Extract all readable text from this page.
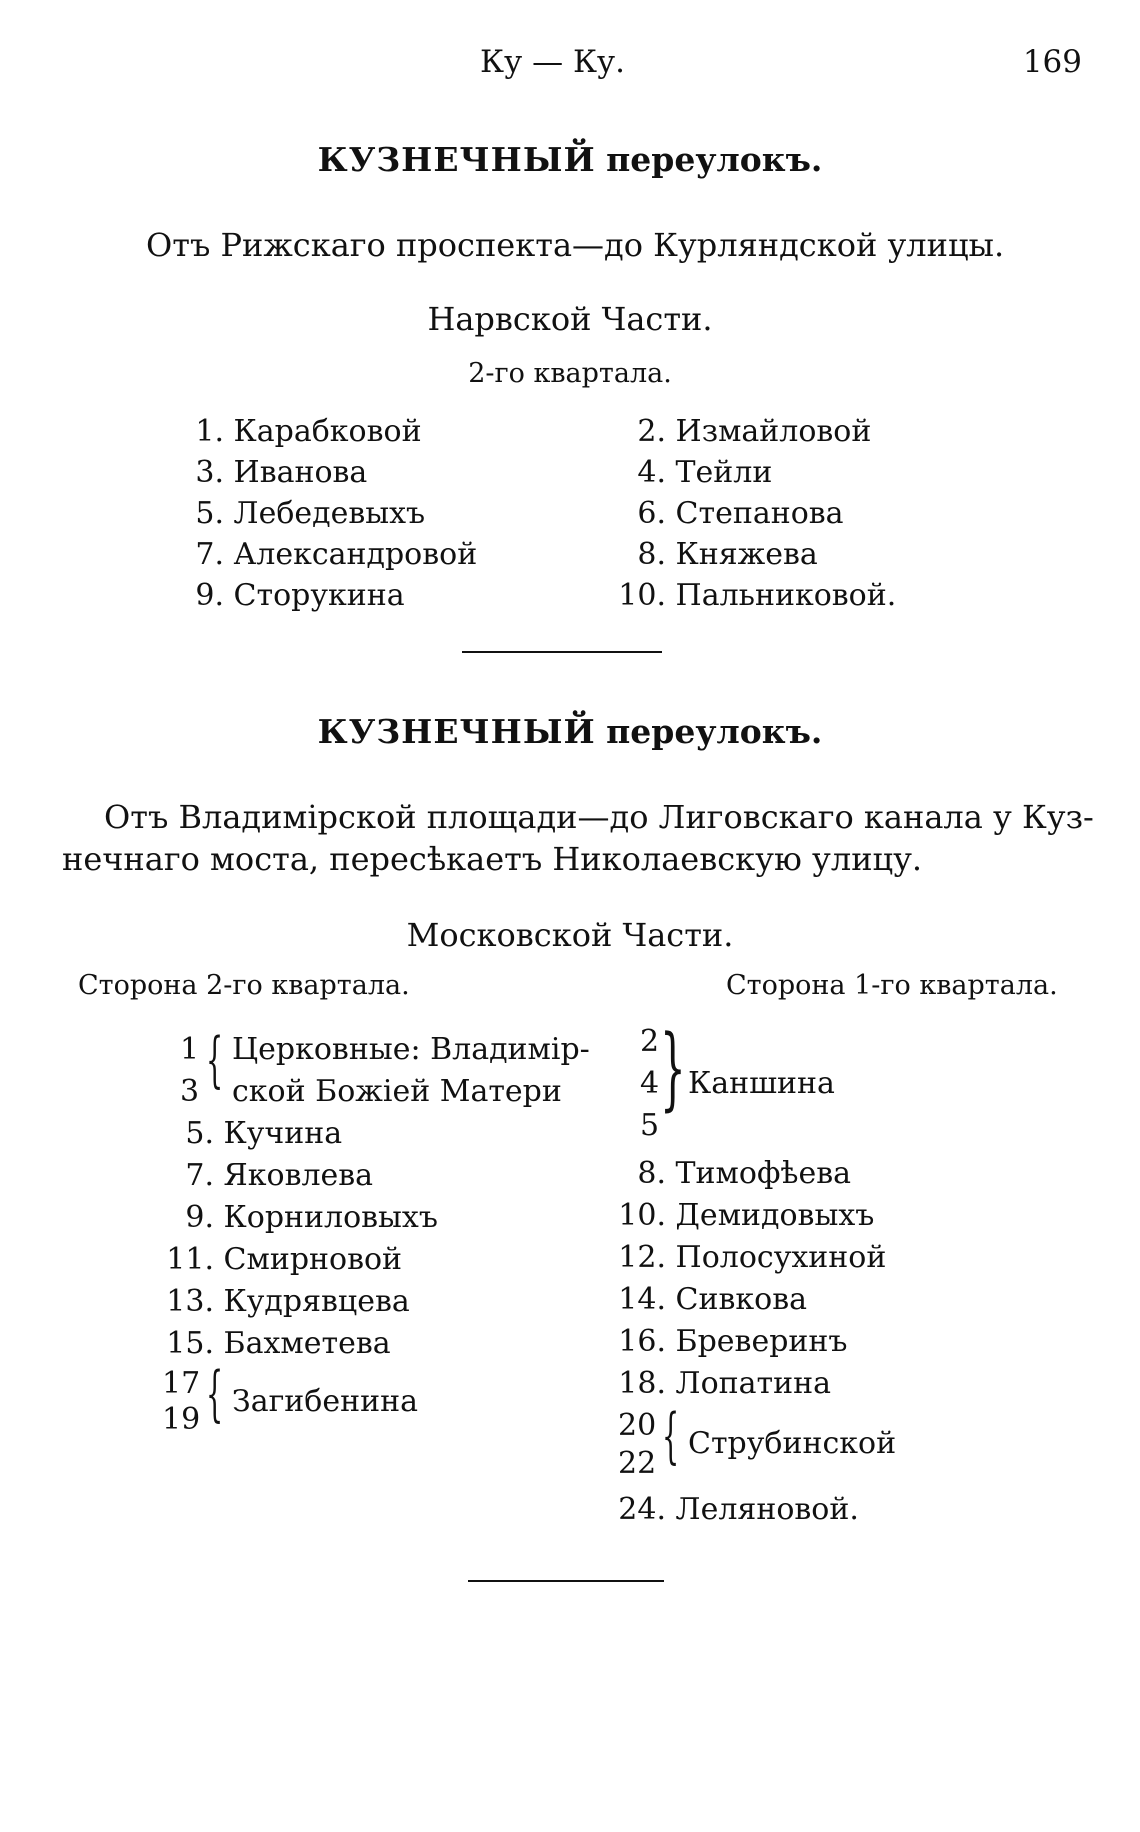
Ку — Ку.	169
КУЗНЕЧНЫЙ переулокъ.
Отъ Рижскаго проспекта—до Курляндской улицы.
Нарвской Части.
2-го квартала.
1. Карабковой
3. Иванова
5. Лебедевыхъ
7. Александровой
9. Сторукина
2. Измайловой
4. Тейли
6. Степанова
8. Княжева
10. Пальниковой.
КУЗНЕЧНЫЙ переулокъ.
Отъ Владимірской площади—до Лиговскаго канала у Куз-
нечнаго моста, пересѣкаетъ Николаевскую улицу.
Московской Части.
Сторона 2-го квартала.	Сторона 1-го квартала.
1
3 { Церковные: Владимір-
ской Божіей Матери
5. Кучина
7. Яковлева
9. Корниловыхъ
11. Смирновой
13. Кудрявцева
15. Бахметева
17
19 { Загибенина
2
4
5
} Каншина
8. Тимофѣева
10. Демидовыхъ
12. Полосухиной
14. Сивкова
16. Бреверинъ
18. Лопатина
20
22 { Струбинской
24. Леляновой.
